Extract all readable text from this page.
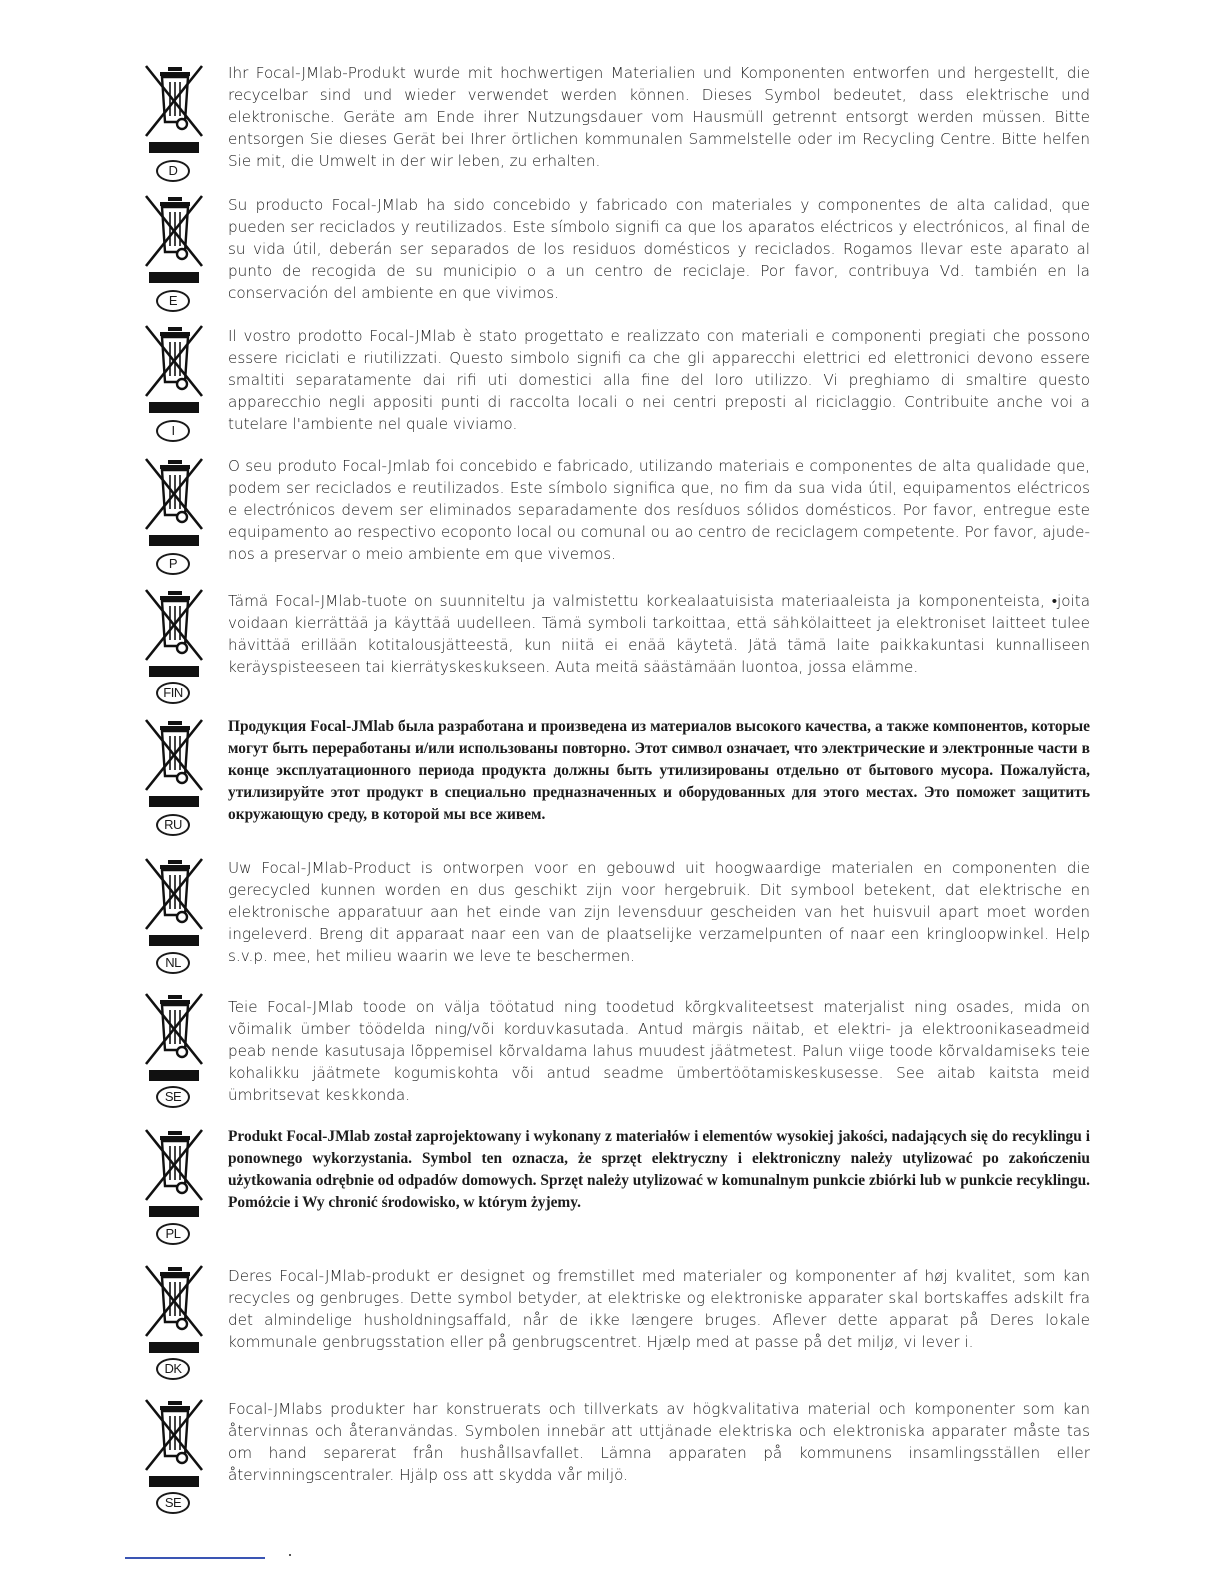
D

Ihr Focal-JMlab-Produkt wurde mit hochwertigen Materialien und Komponenten entworfen und hergestellt, die recycelbar sind und wieder verwendet werden können. Dieses Symbol bedeutet, dass elektrische und elektronische. Geräte am Ende ihrer Nutzungsdauer vom Hausmüll getrennt entsorgt werden müssen. Bitte entsorgen Sie dieses Gerät bei Ihrer örtlichen kommunalen Sammelstelle oder im Recycling Centre. Bitte helfen Sie mit, die Umwelt in der wir leben, zu erhalten.

E

Su producto Focal-JMlab ha sido concebido y fabricado con materiales y componentes de alta calidad, que pueden ser reciclados y reutilizados. Este símbolo signifi ca que los aparatos eléctricos y electrónicos, al final de su vida útil, deberán ser separados de los residuos domésticos y reciclados. Rogamos llevar este aparato al punto de recogida de su municipio o a un centro de reciclaje. Por favor, contribuya Vd. también en la conservación del ambiente en que vivimos.

I

Il vostro prodotto Focal-JMlab è stato progettato e realizzato con materiali e componenti pregiati che possono essere riciclati e riutilizzati. Questo simbolo signifi ca che gli apparecchi elettrici ed elettronici devono essere smaltiti separatamente dai rifi uti domestici alla fine del loro utilizzo. Vi preghiamo di smaltire questo apparecchio negli appositi punti di raccolta locali o nei centri preposti al riciclaggio. Contribuite anche voi a tutelare l'ambiente nel quale viviamo.

P

O seu produto Focal-Jmlab foi concebido e fabricado, utilizando materiais e componentes de alta qualidade que, podem ser reciclados e reutilizados. Este símbolo significa que, no fim da sua vida útil, equipamentos eléctricos e electrónicos devem ser eliminados separadamente dos resíduos sólidos domésticos. Por favor, entregue este equipamento ao respectivo ecoponto local ou comunal ou ao centro de reciclagem competente. Por favor, ajude-nos a preservar o meio ambiente em que vivemos.

FIN

Tämä Focal-JMlab-tuote on suunniteltu ja valmistettu korkealaatuisista materiaaleista ja komponenteista, •joita voidaan kierrättää ja käyttää uudelleen. Tämä symboli tarkoittaa, että sähkölaitteet ja elektroniset laitteet tulee hävittää erillään kotitalousjätteestä, kun niitä ei enää käytetä. Jätä tämä laite paikkakuntasi kunnalliseen keräyspisteeseen tai kierrätyskeskukseen. Auta meitä säästämään luontoa, jossa elämme.

RU

Продукция Focal-JMlab была разработана и произведена из материалов высокого качества, а также компонентов, которые могут быть переработаны и/или использованы повторно. Этот символ означает, что электрические и электронные части в конце эксплуатационного периода продукта должны быть утилизированы отдельно от бытового мусора. Пожалуйста, утилизируйте этот продукт в специально предназначенных и оборудованных для этого местах. Это поможет защитить окружающую среду, в которой мы все живем.

NL

Uw Focal-JMlab-Product is ontworpen voor en gebouwd uit hoogwaardige materialen en componenten die gerecycled kunnen worden en dus geschikt zijn voor hergebruik. Dit symbool betekent, dat elektrische en elektronische apparatuur aan het einde van zijn levensduur gescheiden van het huisvuil apart moet worden ingeleverd. Breng dit apparaat naar een van de plaatselijke verzamelpunten of naar een kringloopwinkel. Help s.v.p. mee, het milieu waarin we leve te beschermen.

SE

Teie Focal-JMlab toode on välja töötatud ning toodetud kõrgkvaliteetsest materjalist ning osades, mida on võimalik ümber töödelda ning/või korduvkasutada. Antud märgis näitab, et elektri- ja elektroonikaseadmeid peab nende kasutusaja lõppemisel kõrvaldama lahus muudest jäätmetest. Palun viige toode kõrvaldamiseks teie kohalikku jäätmete kogumiskohta või antud seadme ümbertöötamiskeskusesse. See aitab kaitsta meid ümbritsevat keskkonda.

PL

Produkt Focal-JMlab został zaprojektowany i wykonany z materiałów i elementów wysokiej jakości, nadających się do recyklingu i ponownego wykorzystania. Symbol ten oznacza, że sprzęt elektryczny i elektroniczny należy utylizować po zakończeniu użytkowania odrębnie od odpadów domowych. Sprzęt należy utylizować w komunalnym punkcie zbiórki lub w punkcie recyklingu. Pomóżcie i Wy chronić środowisko, w którym żyjemy.

DK

Deres Focal-JMlab-produkt er designet og fremstillet med materialer og komponenter af høj kvalitet, som kan recycles og genbruges. Dette symbol betyder, at elektriske og elektroniske apparater skal bortskaffes adskilt fra det almindelige husholdningsaffald, når de ikke længere bruges. Aflever dette apparat på Deres lokale kommunale genbrugsstation eller på genbrugscentret. Hjælp med at passe på det miljø, vi lever i.

SE

Focal-JMlabs produkter har konstruerats och tillverkats av högkvalitativa material och komponenter som kan återvinnas och återanvändas. Symbolen innebär att uttjänade elektriska och elektroniska apparater måste tas om hand separerat från hushållsavfallet. Lämna apparaten på kommunens insamlingsställen eller återvinningscentraler. Hjälp oss att skydda vår miljö.
